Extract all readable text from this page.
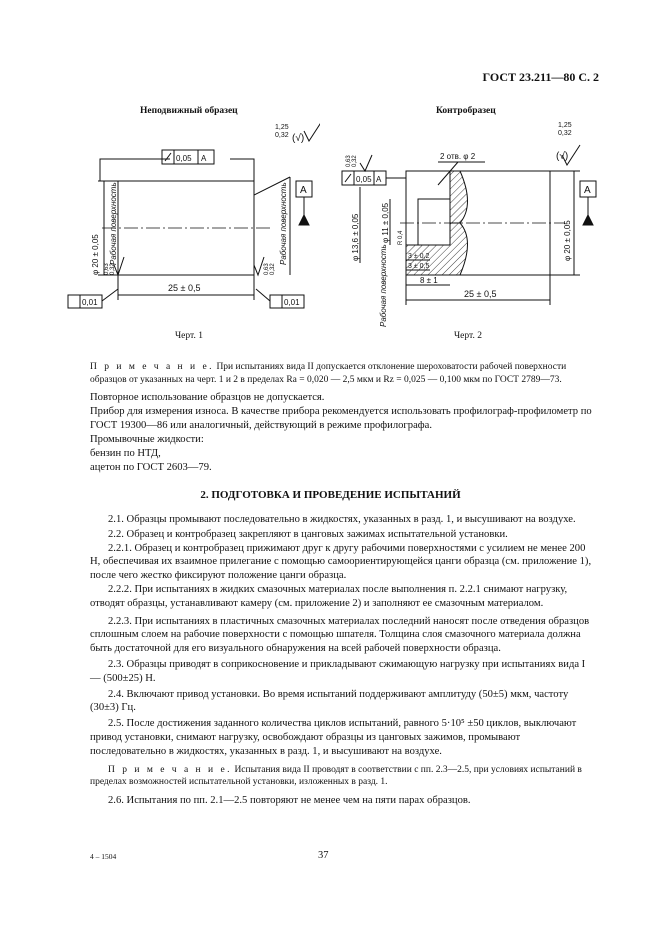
ГОСТ 23.211—80 С. 2
Неподвижный образец	Контробразец
0,05 A
1,25
0,32 (√)
A
φ 20 ± 0,05
25 ± 0,5
Рабочая поверхность	Рабочая поверхность
0,63 0,32	0,63 0,32
0,01	0,01
2 отв. φ 2
0,05 A
1,25
0,32
(√)
0,63 0,32
A
φ 13,6 ± 0,05	φ 11 ± 0,05	φ 20 ± 0,05
R 0,4
3 ± 0,2
3 ± 0,5
8 ± 1
25 ± 0,5
Рабочая поверхность
Черт. 1	Черт. 2
П р и м е ч а н и е. При испытаниях вида II допускается отклонение шероховатости рабочей поверхности образцов от указанных на черт. 1 и 2 в пределах Ra = 0,020 — 2,5 мкм и Rz = 0,025 — 0,100 мкм по ГОСТ 2789—73.

Повторное использование образцов не допускается.

Прибор для измерения износа. В качестве прибора рекомендуется использовать профилограф-профилометр по ГОСТ 19300—86 или аналогичный, действующий в режиме профилографа.

Промывочные жидкости:

бензин по НТД,

ацетон по ГОСТ 2603—79.

2. ПОДГОТОВКА И ПРОВЕДЕНИЕ ИСПЫТАНИЙ

2.1. Образцы промывают последовательно в жидкостях, указанных в разд. 1, и высушивают на воздухе.

2.2. Образец и контробразец закрепляют в цанговых зажимах испытательной установки.

2.2.1. Образец и контробразец прижимают друг к другу рабочими поверхностями с усилием не менее 200 Н, обеспечивая их взаимное прилегание с помощью самоориентирующейся цанги образца (см. приложение 1), после чего жестко фиксируют положение цанги образца.

2.2.2. При испытаниях в жидких смазочных материалах после выполнения п. 2.2.1 снимают нагрузку, отводят образцы, устанавливают камеру (см. приложение 2) и заполняют ее смазочным материалом.

2.2.3. При испытаниях в пластичных смазочных материалах последний наносят после отведения образцов сплошным слоем на рабочие поверхности с помощью шпателя. Толщина слоя смазочного материала должна быть достаточной для его визуального обнаружения на всей рабочей поверхности образца.

2.3. Образцы приводят в соприкосновение и прикладывают сжимающую нагрузку при испытаниях вида I — (500±25) Н.

2.4. Включают привод установки. Во время испытаний поддерживают амплитуду (50±5) мкм, частоту (30±3) Гц.

2.5. После достижения заданного количества циклов испытаний, равного 5·10⁵ ±50 циклов, выключают привод установки, снимают нагрузку, освобождают образцы из цанговых зажимов, промывают последовательно в жидкостях, указанных в разд. 1, и высушивают на воздухе.

П р и м е ч а н и е. Испытания вида II проводят в соответствии с пп. 2.3—2.5, при условиях испытаний в пределах возможностей испытательной установки, изложенных в разд. 1.

2.6. Испытания по пп. 2.1—2.5 повторяют не менее чем на пяти парах образцов.

4 – 1504	37
